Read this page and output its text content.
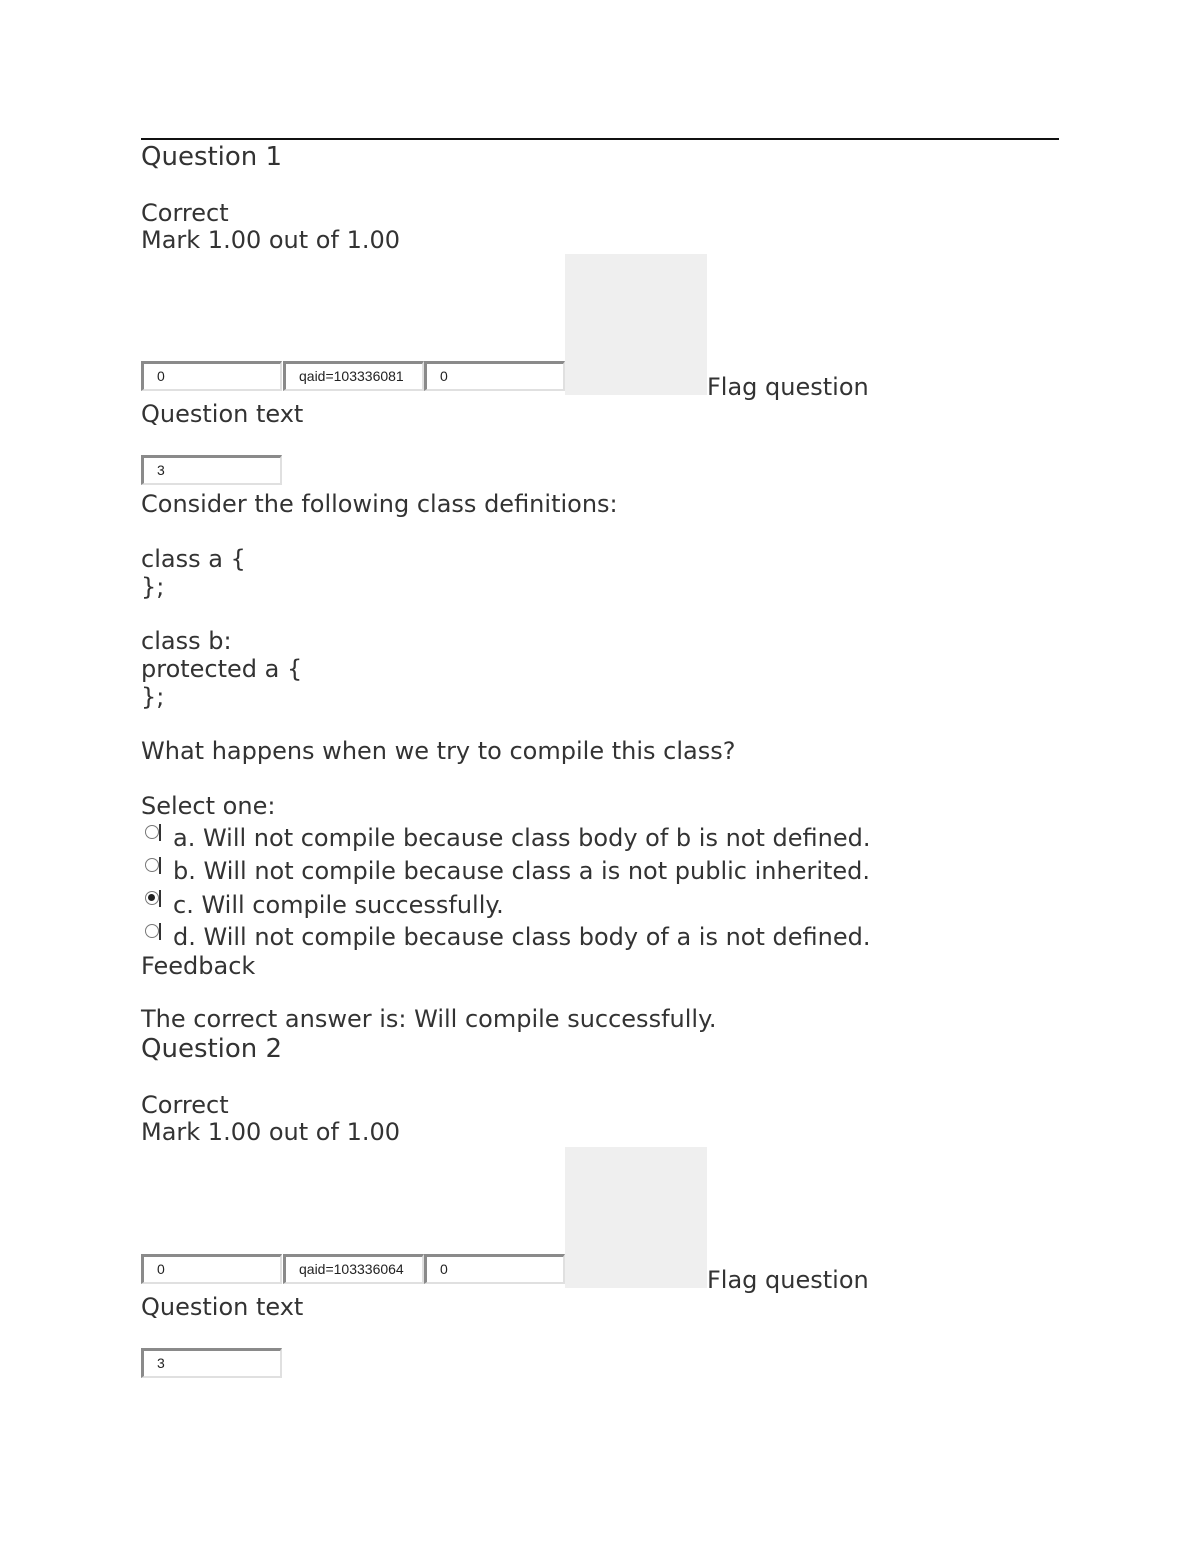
Question 1
Correct
Mark 1.00 out of 1.00
0	qaid=103336081	0	Flag question
Question text
3
Consider the following class definitions:
class a {
};
class b:
protected a {
};
What happens when we try to compile this class?
Select one:
a. Will not compile because class body of b is not defined.
b. Will not compile because class a is not public inherited.
c. Will compile successfully.
d. Will not compile because class body of a is not defined.
Feedback
The correct answer is: Will compile successfully.
Question 2
Correct
Mark 1.00 out of 1.00
0	qaid=103336064	0	Flag question
Question text
3
